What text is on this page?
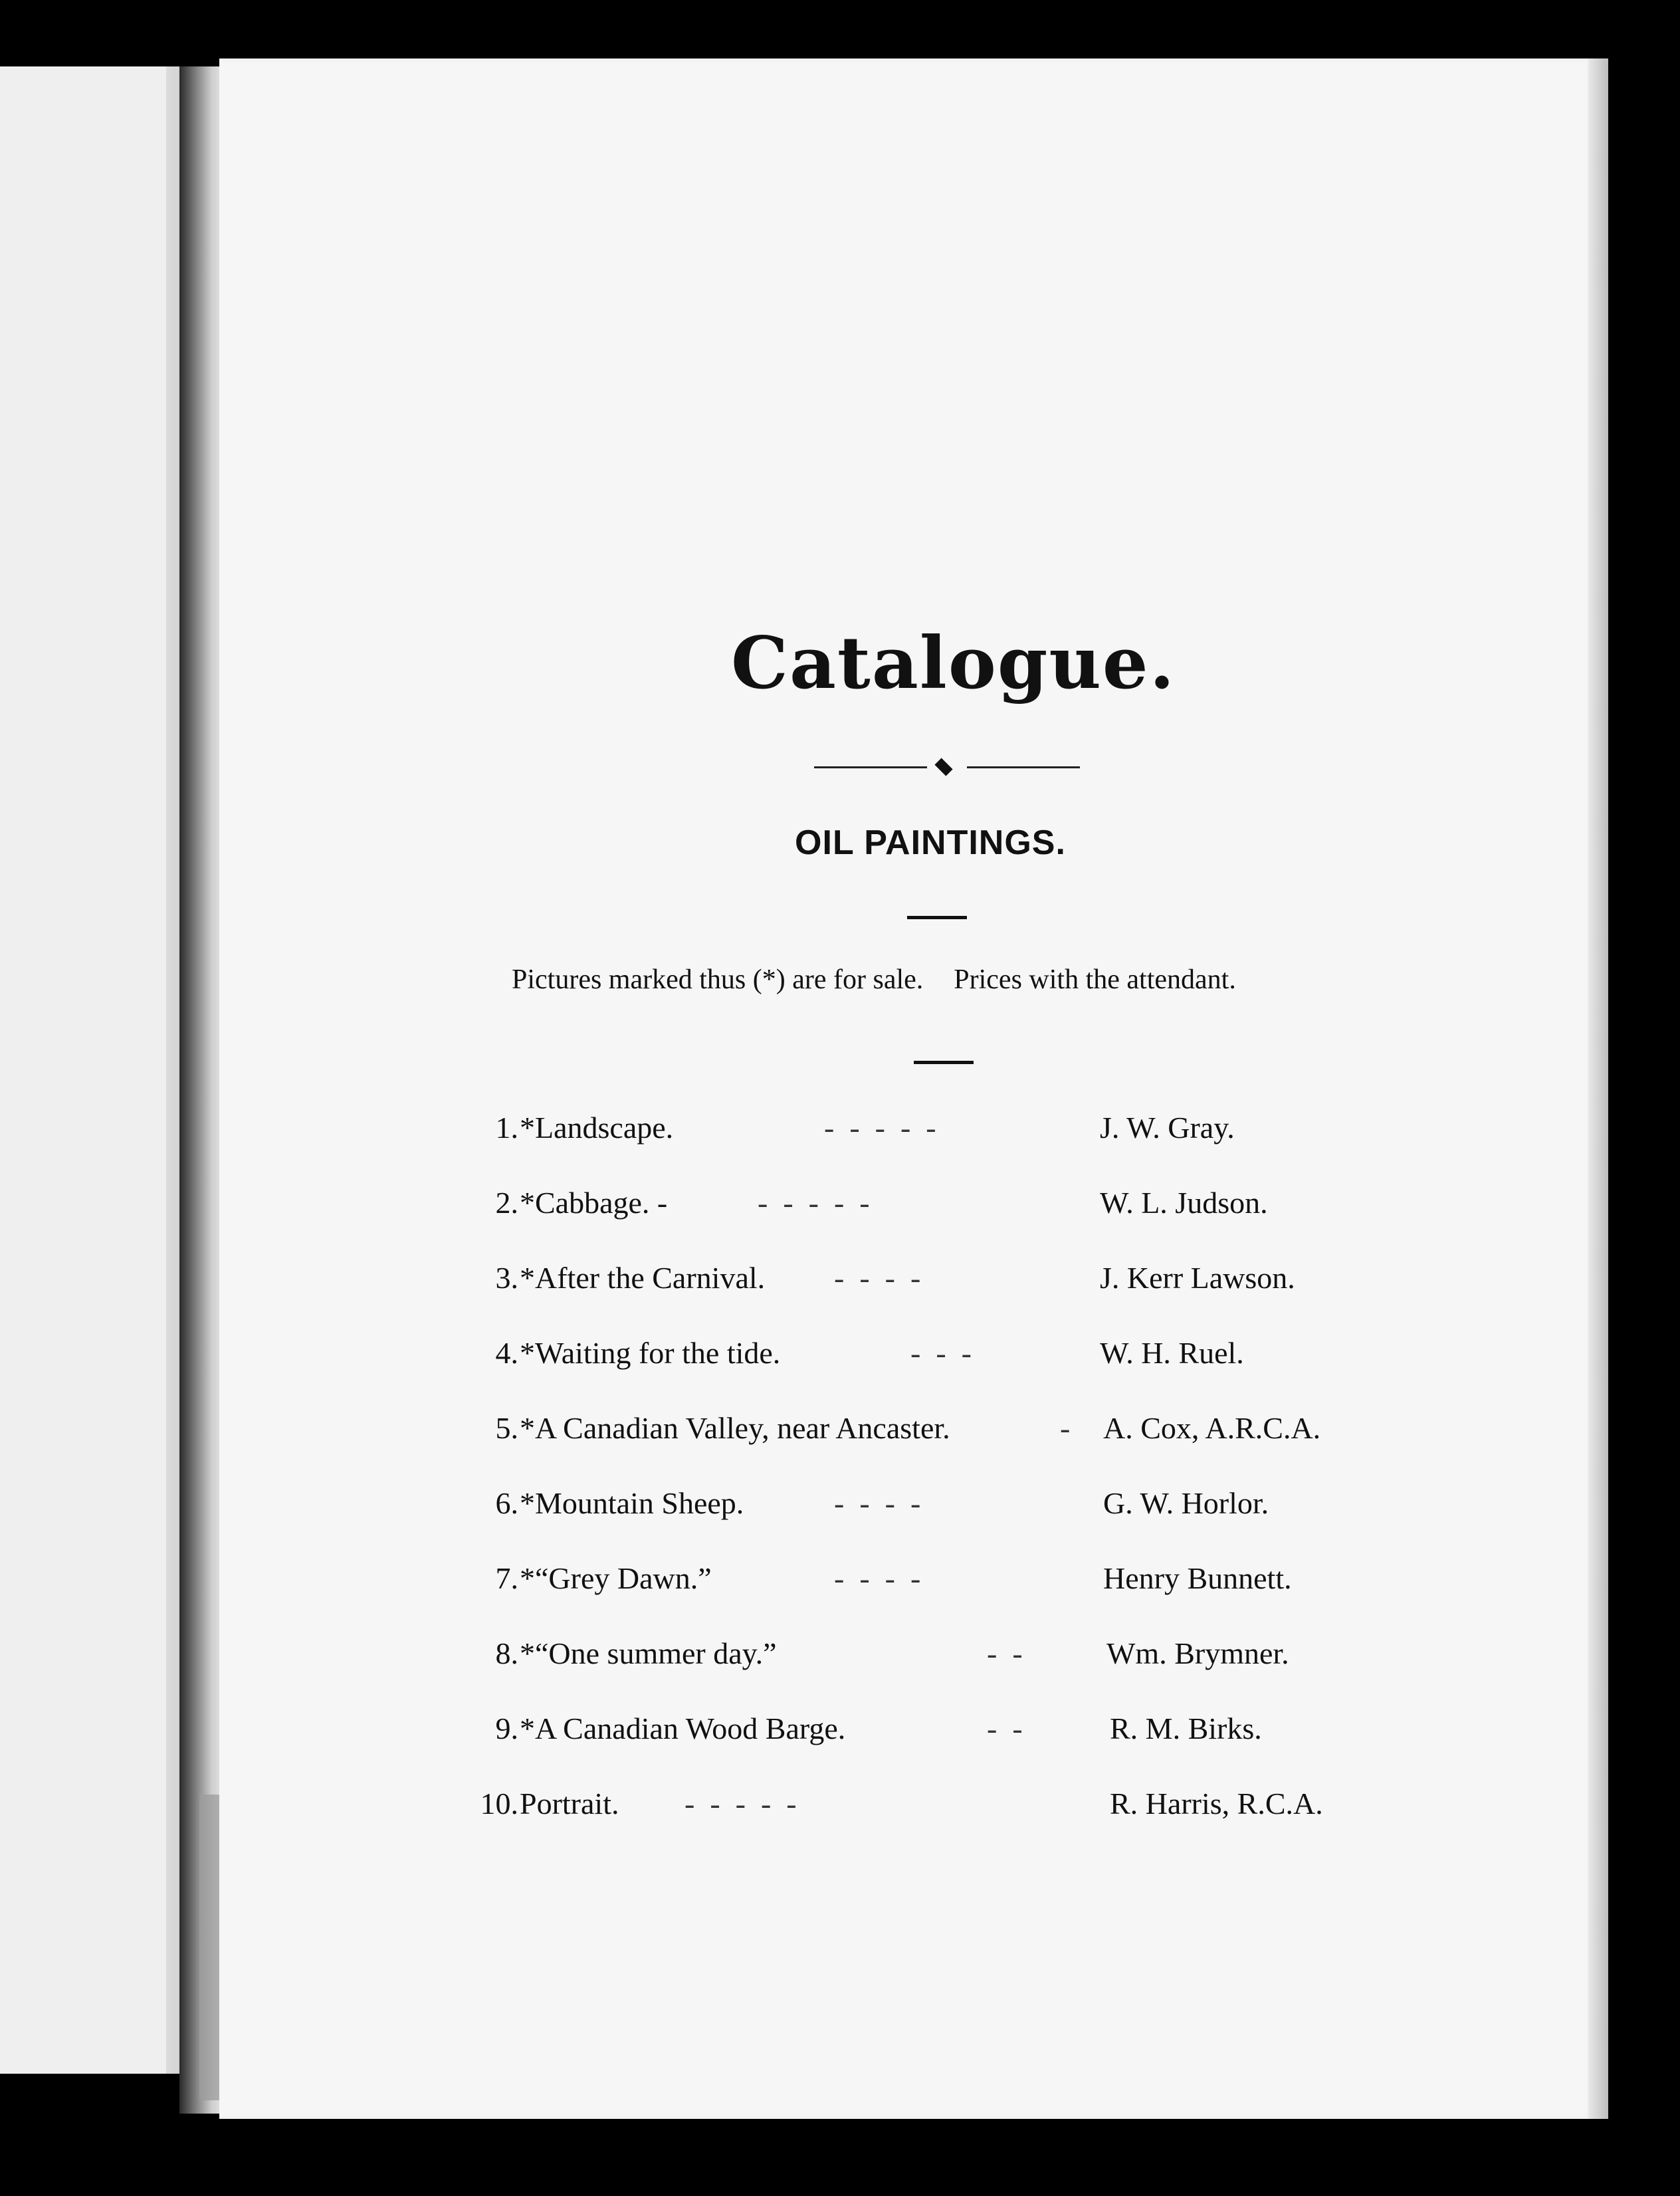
Catalogue.
OIL PAINTINGS.
Pictures marked thus (*) are for sale. Prices with the attendant.
1. *Landscape.	-  -  -  -  -	J. W. Gray.
2. *Cabbage. -	-  -  -  -  -	W. L. Judson.
3. *After the Carnival. -  -  -  -	J. Kerr Lawson.
4. *Waiting for the tide.	-  -  -	W. H. Ruel.
5. *A Canadian Valley, near Ancaster.	-	A. Cox, A.R.C.A.
6. *Mountain Sheep.	-  -  -  -	G. W. Horlor.
7. *“Grey Dawn.”	-  -  -  -	Henry Bunnett.
8. *“One summer day.”	-  -	Wm. Brymner.
9. *A Canadian Wood Barge.	-  -	R. M. Birks.
10. Portrait. -  -  -  -  -	R. Harris, R.C.A.
